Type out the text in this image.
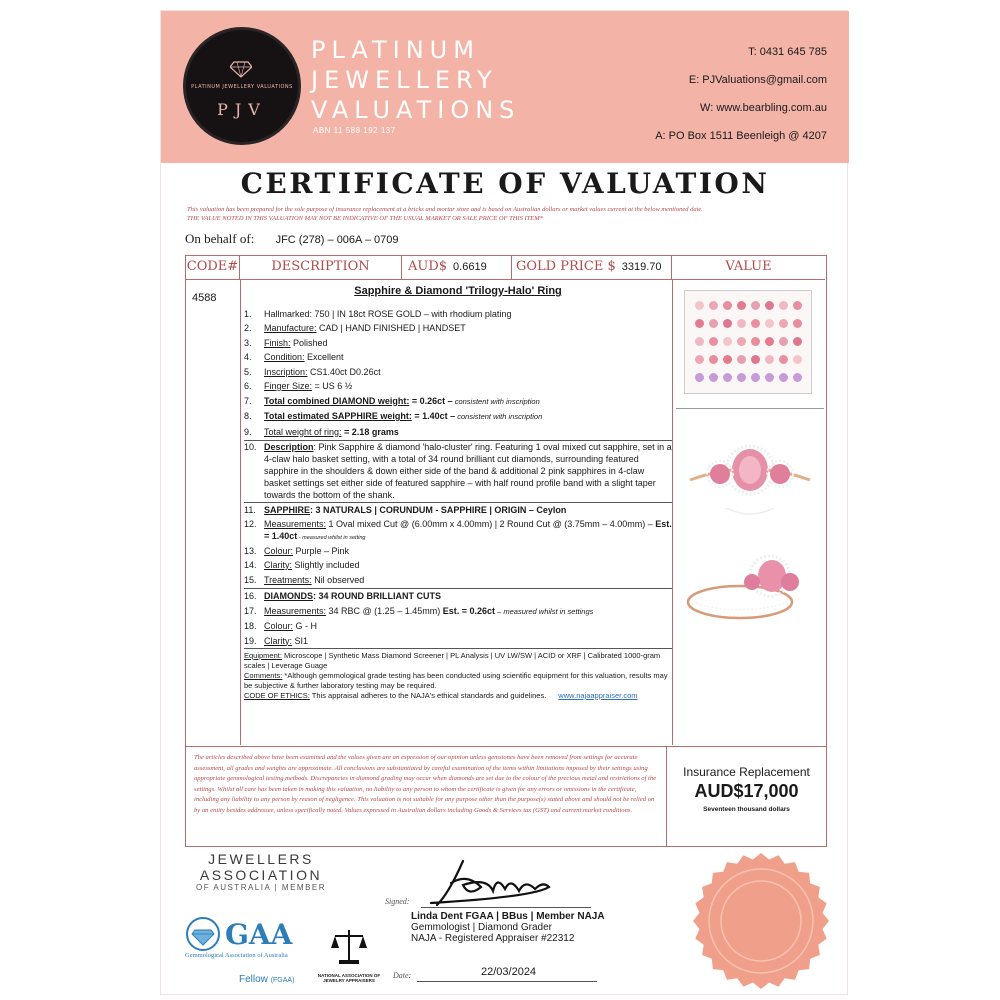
PLATINUM JEWELLERY VALUATIONS
PJV
PLATINUM
JEWELLERY
VALUATIONS
ABN 11 588 192 137
T: 0431 645 785
E: PJValuations@gmail.com
W: www.bearbling.com.au
A: PO Box 1511 Beenleigh @ 4207
CERTIFICATE OF VALUATION
This valuation has been prepared for the sole purpose of insurance replacement at a bricks and mortar store and is based on Australian dollars or market values current at the below mentioned date.
THE VALUE NOTED IN THIS VALUATION MAY NOT BE INDICATIVE OF THE USUAL MARKET OR SALE PRICE OF THIS ITEM*
On behalf of: JFC (278) – 006A – 0709
CODE#	DESCRIPTION	AUD$ 0.6619	GOLD PRICE $ 3319.70	VALUE
4588
Sapphire & Diamond 'Trilogy-Halo' Ring
1.	Hallmarked: 750 | IN 18ct ROSE GOLD – with rhodium plating
2.	Manufacture: CAD | HAND FINISHED | HANDSET
3.	Finish: Polished
4.	Condition: Excellent
5.	Inscription: CS1.40ct D0.26ct
6.	Finger Size: = US 6 ½
7.	Total combined DIAMOND weight: = 0.26ct – consistent with inscription
8.	Total estimated SAPPHIRE weight: = 1.40ct – consistent with inscription
9.	Total weight of ring: = 2.18 grams
10. Description: Pink Sapphire & diamond 'halo-cluster' ring. Featuring 1 oval mixed cut sapphire, set in a 4-claw halo basket setting, with a total of 34 round brilliant cut diamonds, surrounding featured sapphire in the shoulders & down either side of the band & additional 2 pink sapphires in 4-claw basket settings set either side of featured sapphire – with half round profile band with a slight taper towards the bottom of the shank.
11. SAPPHIRE: 3 NATURALS | CORUNDUM - SAPPHIRE | ORIGIN – Ceylon
12. Measurements: 1 Oval mixed Cut @ (6.00mm x 4.00mm) | 2 Round Cut @ (3.75mm – 4.00mm) – Est. = 1.40ct - measured whilst in setting
13. Colour: Purple – Pink
14. Clarity: Slightly included
15. Treatments: Nil observed
16. DIAMONDS: 34 ROUND BRILLIANT CUTS
17. Measurements: 34 RBC @ (1.25 – 1.45mm) Est. = 0.26ct – measured whilst in settings
18. Colour: G - H
19. Clarity: SI1
Equipment: Microscope | Synthetic Mass Diamond Screener | PL Analysis | UV LW/SW | ACID or XRF | Calibrated 1000-gram scales | Leverage Guage
Comments: *Although gemmological grade testing has been conducted using scientific equipment for this valuation, results may be subjective & further laboratory testing may be required.
CODE OF ETHICS: This appraisal adheres to the NAJA's ethical standards and guidelines. www.najaappraiser.com
The articles described above have been examined and the values given are an expression of our opinion unless gemstones have been removed from settings for accurate assessment, all grades and weights are approximate. All conclusions are substantiated by careful examination of the items within limitations imposed by their settings using appropriate gemmological testing methods. Discrepancies in diamond grading may occur when diamonds are set due to the colour of the precious metal and restrictions of the settings. Whilst all care has been taken in making this valuation, no liability to any person to whom the certificate is given for any errors or omissions in the certificate, including any liability to any person by reason of negligence. This valuation is not suitable for any purpose other than the purpose(s) stated above and should not be relied on by an entity besides addressee, unless specifically noted. Values expressed in Australian dollars including Goods & Services tax (GST) and current market conditions.
Insurance Replacement
AUD$17,000
Seventeen thousand dollars
JEWELLERS
ASSOCIATION
OF AUSTRALIA | MEMBER
GAA
Gemmological Association of Australia
Fellow (FGAA)
NATIONAL ASSOCIATION OF JEWELRY APPRAISERS
Signed:
Linda Dent FGAA | BBus | Member NAJA
Gemmologist | Diamond Grader
NAJA - Registered Appraiser #22312
Date:	22/03/2024
